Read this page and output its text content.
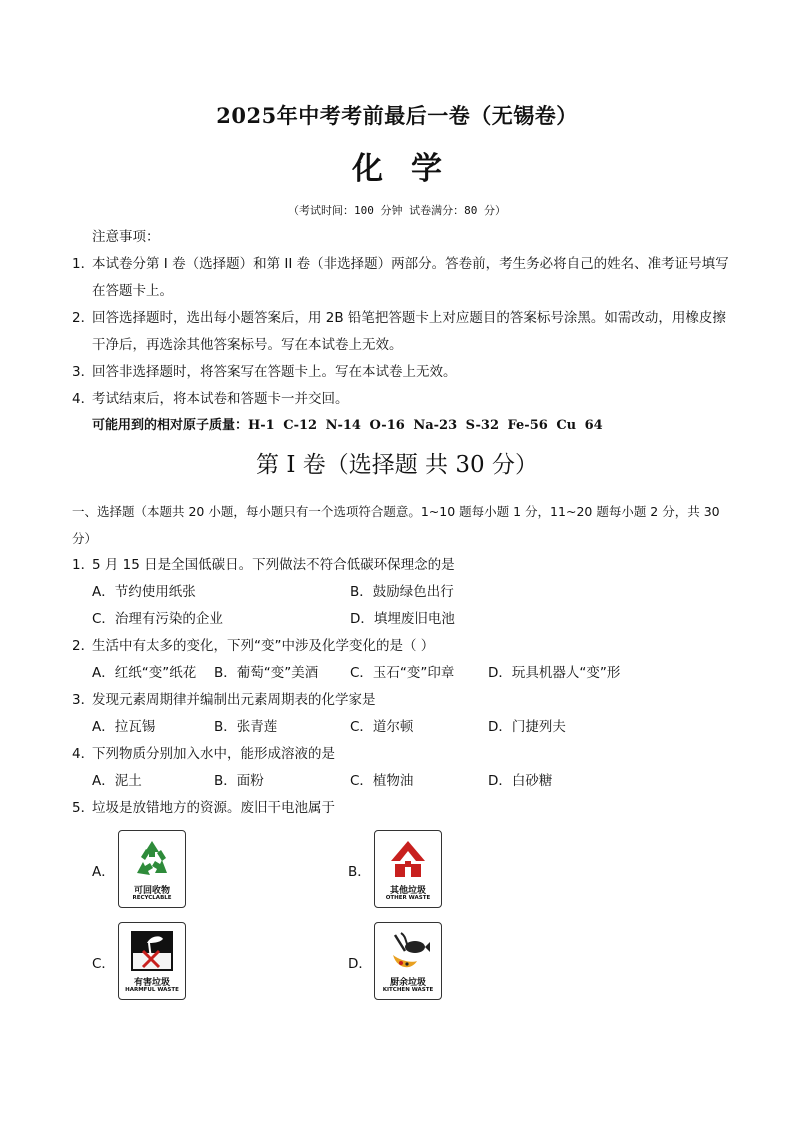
2025年中考考前最后一卷（无锡卷）
化学
（考试时间：100 分钟 试卷满分：80 分）
注意事项：
1．
本试卷分第 I 卷（选择题）和第 II 卷（非选择题）两部分。答卷前，考生务必将自己的姓名、准考证号填写在答题卡上。
2．
回答选择题时，选出每小题答案后，用 2B 铅笔把答题卡上对应题目的答案标号涂黑。如需改动，用橡皮擦干净后，再选涂其他答案标号。写在本试卷上无效。
3．
回答非选择题时，将答案写在答题卡上。写在本试卷上无效。
4．
考试结束后，将本试卷和答题卡一并交回。
可能用到的相对原子质量：H-1 C-12 N-14 O-16 Na-23 S-32 Fe-56 Cu 64
第 I 卷（选择题 共 30 分）
一、选择题（本题共 20 小题，每小题只有一个选项符合题意。1~10 题每小题 1 分，11~20 题每小题 2 分，共 30 分）
1．
5 月 15 日是全国低碳日。下列做法不符合低碳环保理念的是
A．节约使用纸张	B．鼓励绿色出行
C．治理有污染的企业	D．填埋废旧电池
2．
生活中有太多的变化，下列“变”中涉及化学变化的是（ ）
A．红纸“变”纸花	B．葡萄“变”美酒	C．玉石“变”印章	D．玩具机器人“变”形
3．
发现元素周期律并编制出元素周期表的化学家是
A．拉瓦锡	B．张青莲	C．道尔顿	D．门捷列夫
4．
下列物质分别加入水中，能形成溶液的是
A．泥土	B．面粉	C．植物油	D．白砂糖
5．
垃圾是放错地方的资源。废旧干电池属于
A．
可回收物
RECYCLABLE
B．
其他垃圾
OTHER WASTE
C．
有害垃圾
HARMFUL WASTE
D．
厨余垃圾
KITCHEN WASTE
